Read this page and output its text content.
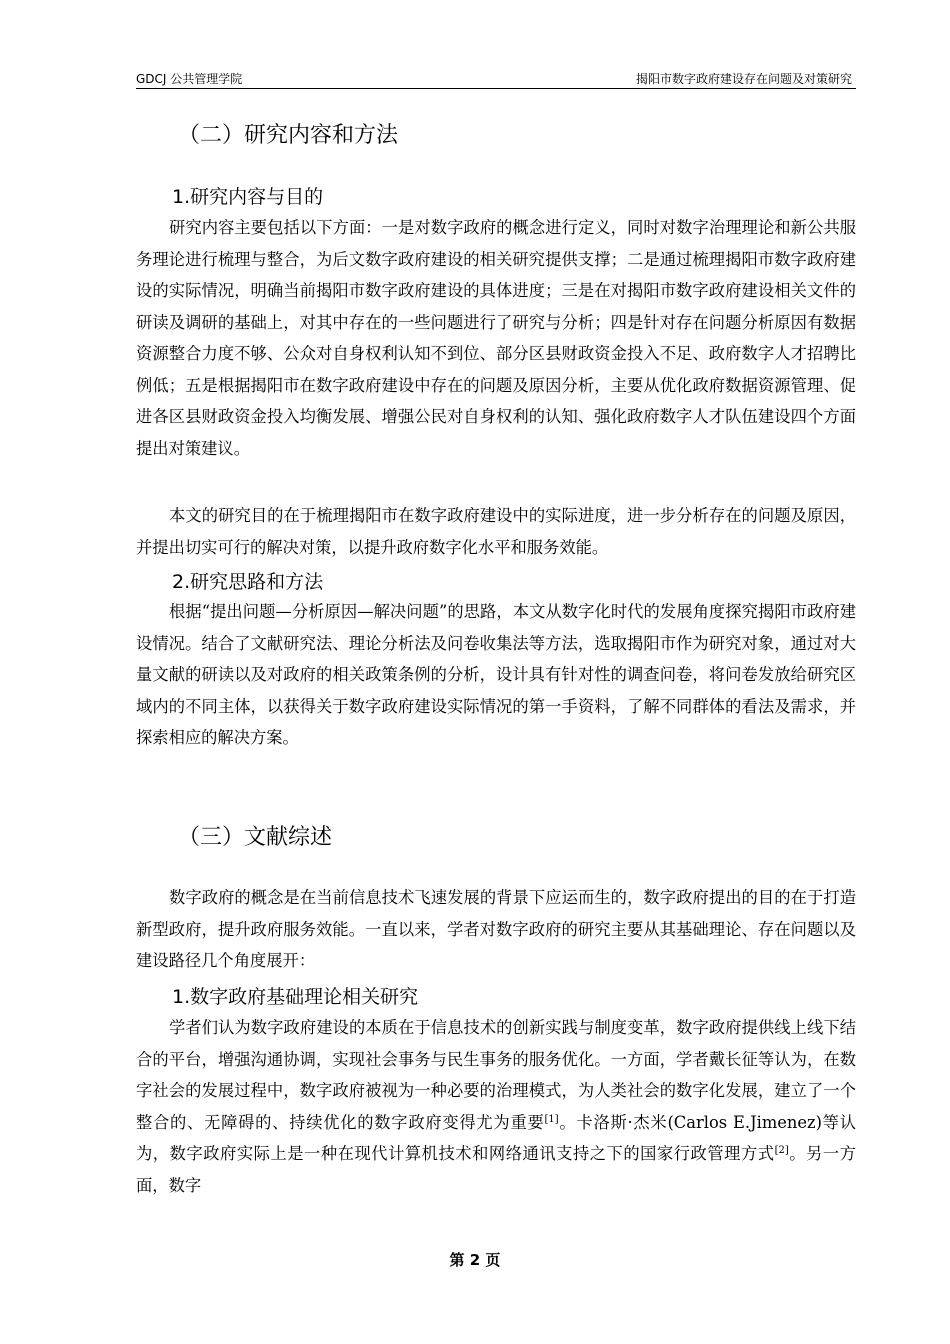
GDCJ 公共管理学院	揭阳市数字政府建设存在问题及对策研究
（二）研究内容和方法
1.研究内容与目的

研究内容主要包括以下方面：一是对数字政府的概念进行定义，同时对数字治理理论和新公共服务理论进行梳理与整合，为后文数字政府建设的相关研究提供支撑；二是通过梳理揭阳市数字政府建设的实际情况，明确当前揭阳市数字政府建设的具体进度；三是在对揭阳市数字政府建设相关文件的研读及调研的基础上，对其中存在的一些问题进行了研究与分析；四是针对存在问题分析原因有数据资源整合力度不够、公众对自身权利认知不到位、部分区县财政资金投入不足、政府数字人才招聘比例低；五是根据揭阳市在数字政府建设中存在的问题及原因分析，主要从优化政府数据资源管理、促进各区县财政资金投入均衡发展、增强公民对自身权利的认知、强化政府数字人才队伍建设四个方面提出对策建议。

本文的研究目的在于梳理揭阳市在数字政府建设中的实际进度，进一步分析存在的问题及原因，并提出切实可行的解决对策，以提升政府数字化水平和服务效能。

2.研究思路和方法

根据“提出问题—分析原因—解决问题”的思路，本文从数字化时代的发展角度探究揭阳市政府建设情况。结合了文献研究法、理论分析法及问卷收集法等方法，选取揭阳市作为研究对象，通过对大量文献的研读以及对政府的相关政策条例的分析，设计具有针对性的调查问卷，将问卷发放给研究区域内的不同主体，以获得关于数字政府建设实际情况的第一手资料，了解不同群体的看法及需求，并探索相应的解决方案。

（三）文献综述

数字政府的概念是在当前信息技术飞速发展的背景下应运而生的，数字政府提出的目的在于打造新型政府，提升政府服务效能。一直以来，学者对数字政府的研究主要从其基础理论、存在问题以及建设路径几个角度展开：

1.数字政府基础理论相关研究

学者们认为数字政府建设的本质在于信息技术的创新实践与制度变革，数字政府提供线上线下结合的平台，增强沟通协调，实现社会事务与民生事务的服务优化。一方面，学者戴长征等认为，在数字社会的发展过程中，数字政府被视为一种必要的治理模式，为人类社会的数字化发展，建立了一个整合的、无障碍的、持续优化的数字政府变得尤为重要[1]。卡洛斯·杰米(Carlos E.Jimenez)等认为，数字政府实际上是一种在现代计算机技术和网络通讯支持之下的国家行政管理方式[2]。另一方面，数字

第 2 页
